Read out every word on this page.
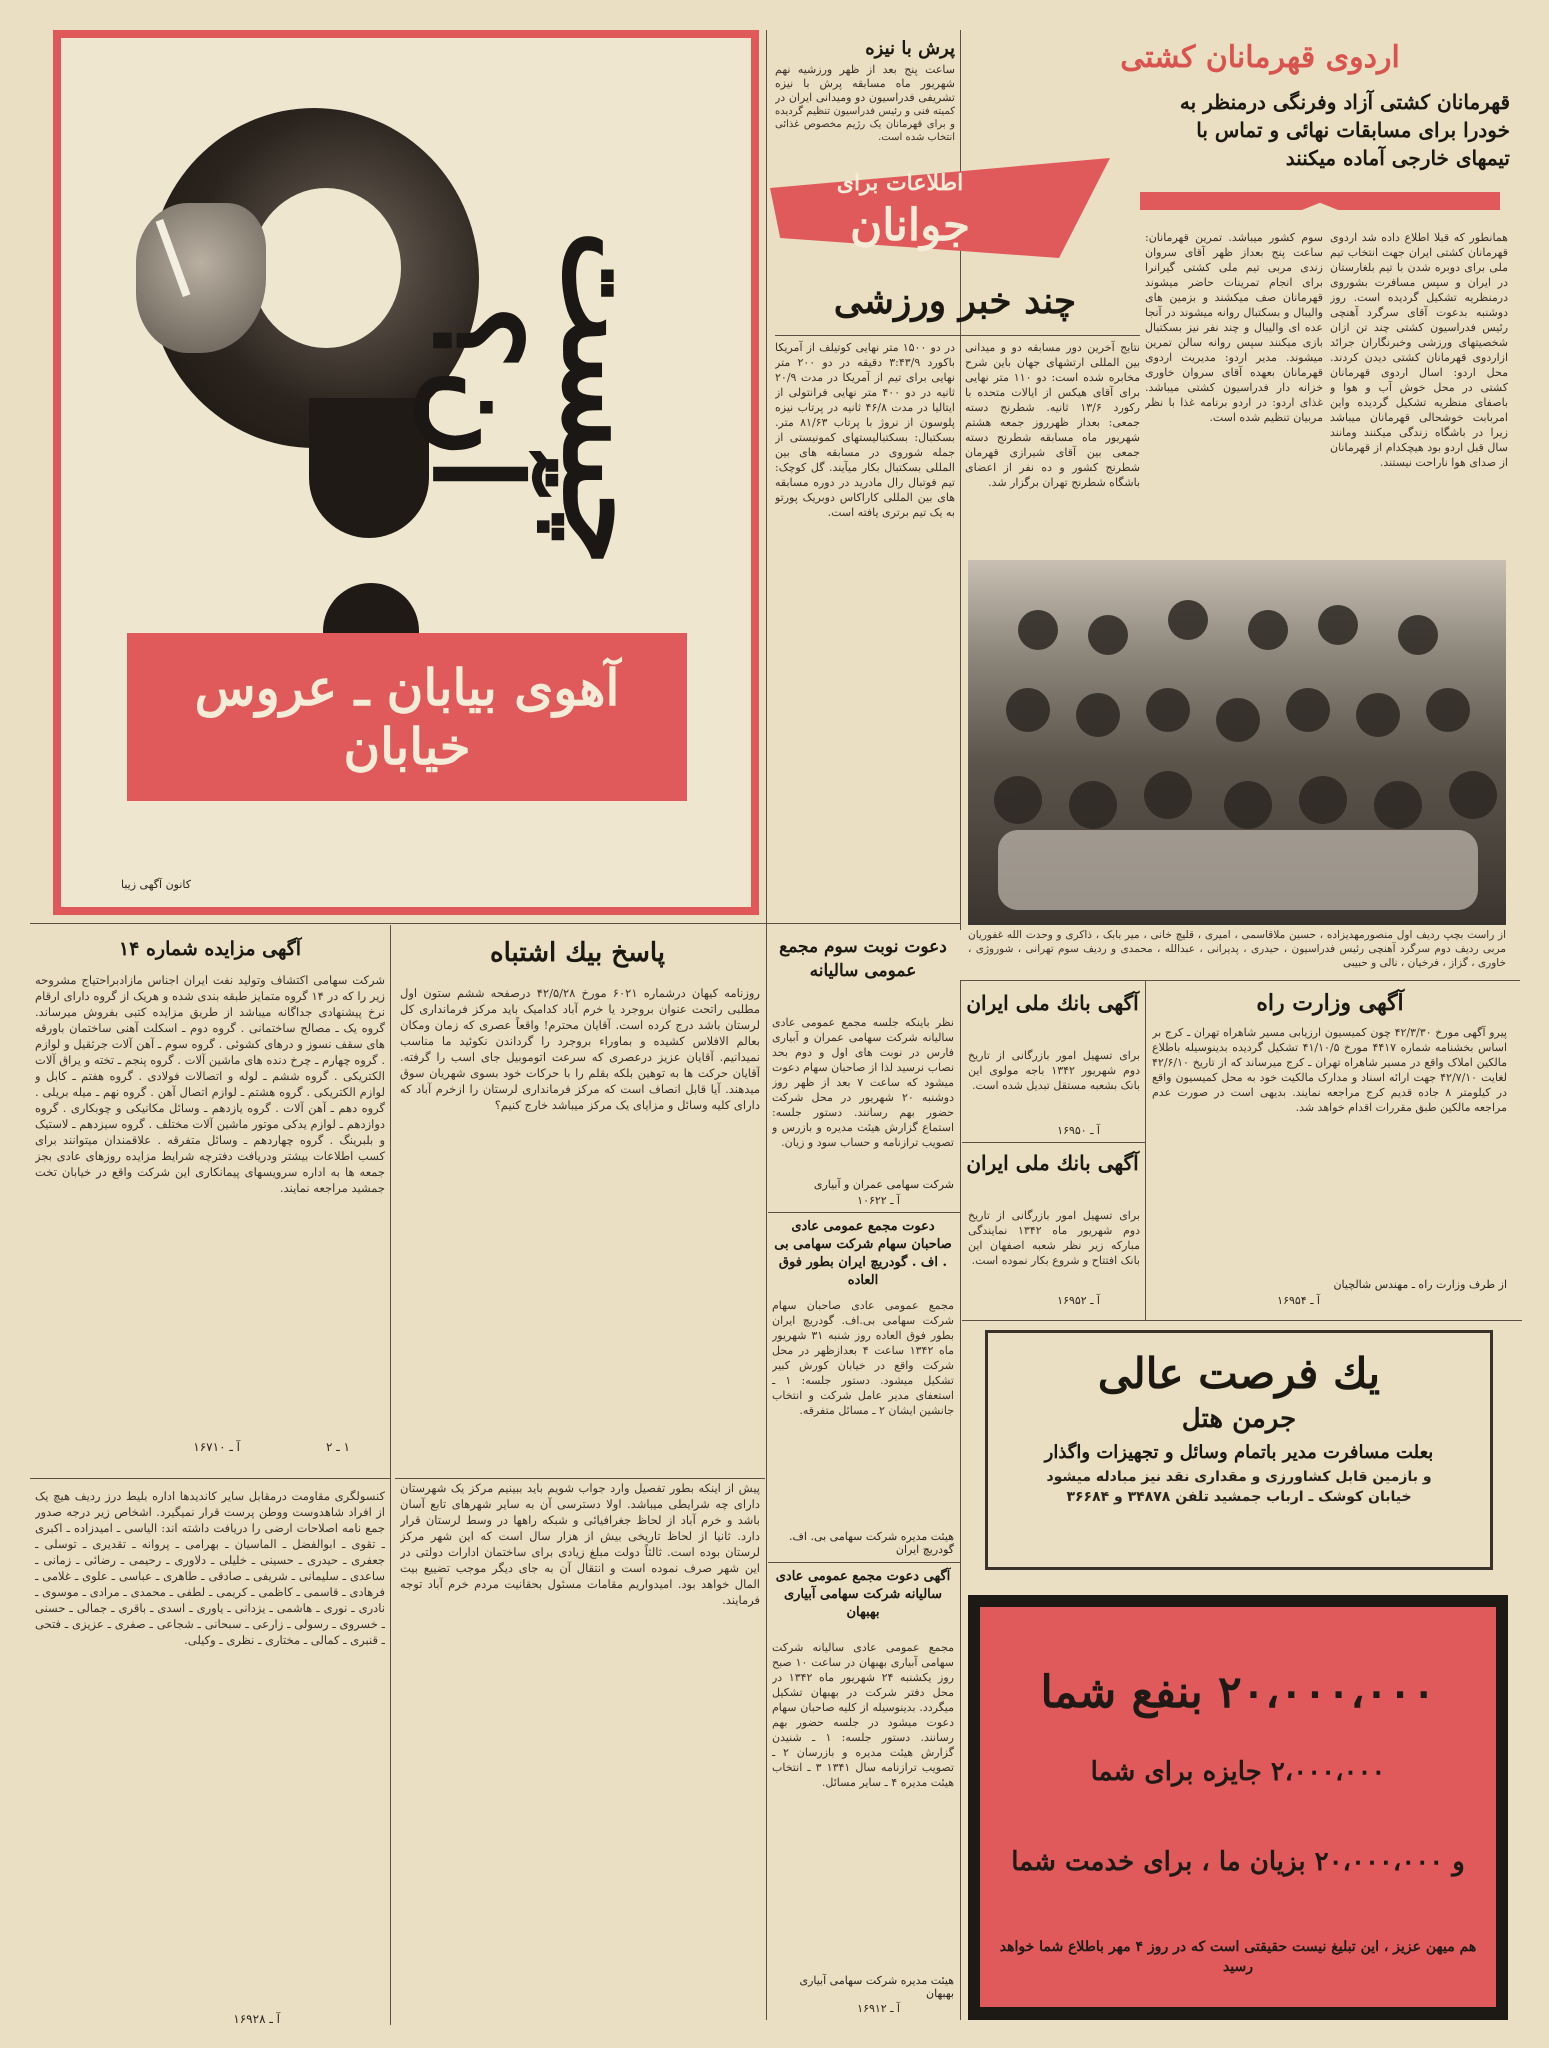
چیست آن؟
آهوی بیابان ـ عروس خیابان
کانون آگهی زیبا
پرش با نیزه
ساعت پنج بعد از ظهر ورزشیه نهم شهریور ماه مسابقه پرش با نیزه تشریفی فدراسیون دو ومیدانی ایران در
کمیته فنی و رئیس فدراسیون تنظیم گردیده و برای قهرمانان یک رژیم مخصوص غذائی انتخاب شده است.
اطلاعات برای
جوانان
اردوی قهرمانان کشتی
قهرمانان کشتی آزاد وفرنگی درمنظر به خودرا برای مسابقات نهائی و تماس با تیمهای خارجی آماده میکنند
همانطور که قبلا اطلاع داده شد اردوی قهرمانان کشتی ایران جهت انتخاب تیم ملی برای دوبره شدن با تیم بلغارستان در ایران و سپس مسافرت بشوروی درمنظریه تشکیل گردیده است. روز دوشنبه بدعوت آقای سرگرد آهنچی رئیس فدراسیون کشتی چند تن ازان شخصیتهای ورزشی وخبرنگاران جرائد ازاردوی قهرمانان کشتی دیدن کردند. محل اردو: اسال اردوی قهرمانان کشتی در محل خوش آب و هوا و باصفای منظریه تشکیل گردیده واین امربابت خوشحالی قهرمانان میباشد زیرا در باشگاه زندگی میکنند ومانند سال قبل اردو بود هیچکدام از قهرمانان از صدای هوا ناراحت نیستند.
سوم کشور میباشد. تمرین قهرمانان: ساعت پنج بعداز ظهر آقای سروان زندی مربی تیم ملی کشتی گیرانرا برای انجام تمرینات حاضر میشوند قهرمانان صف میکشند و بزمین های والیبال و بسکتبال روانه میشوند در آنجا عده ای والیبال و چند نفر نیز بسکتبال بازی میکنند سپس روانه سالن تمرین میشوند. مدیر اردو: مدیریت اردوی قهرمانان بعهده آقای سروان خاوری خزانه دار فدراسیون کشتی میباشد. غذای اردو: در اردو برنامه غذا با نظر مربیان تنظیم شده است.
چند خبر ورزشی
نتایج آخرین دور مسابقه دو و میدانی بین المللی ارتشهای جهان باین شرح مخابره شده است: دو ۱۱۰ متر نهایی برای آقای هیکس از ایالات متحده با رکورد ۱۳/۶ ثانیه. شطرنج دسته جمعی: بعداز ظهرروز جمعه هشتم شهریور ماه مسابقه شطرنج دسته جمعی بین آقای شیرازی قهرمان شطرنج کشور و ده نفر از اعضای باشگاه شطرنج تهران برگزار شد.
در دو ۱۵۰۰ متر نهایی کوتیلف از آمریکا باکورد ۳:۴۳/۹ دقیقه در دو ۲۰۰ متر نهایی برای تیم از آمریکا در مدت ۲۰/۹ ثانیه در دو ۴۰۰ متر نهایی فرانتولی از ایتالیا در مدت ۴۶/۸ ثانیه در پرتاب نیزه پلوسون از نروژ با پرتاب ۸۱/۶۳ متر. بسکتبال: بسکتبالیستهای کمونیستی از جمله شوروی در مسابقه های بین المللی بسکتبال بکار میآیند. گل کوچک: تیم فوتبال رال مادرید در دوره مسابقه های بین المللی کاراکاس دوبریک پورتو به یک تیم برتری یافته است.
از راست بچپ ردیف اول منصورمهدیزاده ، حسین ملاقاسمی ، امیری ، قلیچ خانی ، میر بابک ، ذاکری و وحدت الله غفوریان مربی ردیف دوم سرگرد آهنچی رئیس فدراسیون ، حیدری ، پدیرانی ، عبدالله ، محمدی و ردیف سوم تهرانی ، شوروژی ، خاوری ، گزاز ، فرخیان ، نالی و حبیبی
آگهی مزایده شماره ۱۴
شرکت سهامی اکتشاف وتولید نفت ایران اجناس مازادبراحتیاج مشروحه زیر را که در ۱۴ گروه متمایز طبقه بندی شده و هریک از گروه دارای ارقام نرخ پیشنهادی جداگانه میباشد از طریق مزایده کتبی بفروش میرساند. گروه یک ـ مصالح ساختمانی . گروه دوم ـ اسکلت آهنی ساختمان باورقه های سقف نسوز و درهای کشوئی . گروه سوم ـ آهن آلات جرثقیل و لوازم . گروه چهارم ـ چرخ دنده های ماشین آلات . گروه پنجم ـ تخته و یراق آلات الکتریکی . گروه ششم ـ لوله و اتصالات فولادی . گروه هفتم ـ کابل و لوازم الکتریکی . گروه هشتم ـ لوازم اتصال آهن . گروه نهم ـ میله بریلی . گروه دهم ـ آهن آلات . گروه یازدهم ـ وسائل مکانیکی و چوبکاری . گروه دوازدهم ـ لوازم یدکی موتور ماشین آلات مختلف . گروه سیزدهم ـ لاستیک و بلبرینگ . گروه چهاردهم ـ وسائل متفرقه . علاقمندان میتوانند برای کسب اطلاعات بیشتر ودریافت دفترچه شرایط مزایده روزهای عادی بجز جمعه ها به اداره سرویسهای پیمانکاری این شرکت واقع در خیابان تخت جمشید مراجعه نمایند.
آ ـ ۱۶۷۱۰	۱ ـ ۲
کنسولگری مقاومت درمقابل سایر کاندیدها اداره بلیط درز ردیف هیچ یک از افراد شاهدوست ووطن پرست قرار نمیگیرد. اشخاص زیر درجه صدور جمع نامه اصلاحات ارضی را دریافت داشته اند: الیاسی ـ امیدزاده ـ اکبری ـ تقوی ـ ابوالفضل ـ الماسیان ـ بهرامی ـ پروانه ـ تقدیری ـ توسلی ـ جعفری ـ حیدری ـ حسینی ـ خلیلی ـ دلاوری ـ رحیمی ـ رضائی ـ زمانی ـ ساعدی ـ سلیمانی ـ شریفی ـ صادقی ـ طاهری ـ عباسی ـ علوی ـ غلامی ـ فرهادی ـ قاسمی ـ کاظمی ـ کریمی ـ لطفی ـ محمدی ـ مرادی ـ موسوی ـ نادری ـ نوری ـ هاشمی ـ یزدانی ـ یاوری ـ اسدی ـ باقری ـ جمالی ـ حسنی ـ خسروی ـ رسولی ـ زارعی ـ سبحانی ـ شجاعی ـ صفری ـ عزیزی ـ فتحی ـ قنبری ـ کمالی ـ مختاری ـ نظری ـ وکیلی.
آ ـ ۱۶۹۲۸
پاسخ بیك اشتباه
روزنامه کیهان درشماره ۶۰۲۱ مورخ ۴۲/۵/۲۸ درصفحه ششم ستون اول مطلبی راتحت عنوان بروجرد یا خرم آباد کدامیک باید مرکز فرمانداری کل لرستان باشد درج کرده است. آقایان محترم! واقعاً عصری که زمان ومکان بعالم الافلاس کشیده و بماوراء بروجرد را گرداندن نکوئید ما مناسب نمیدانیم. آقایان عزیز درعصری که سرعت اتوموبیل جای اسب را گرفته. آقایان حرکت ها به توهین بلکه بقلم را با حرکات خود بسوی شهریان سوق میدهند. آیا قابل انصاف است که مرکز فرمانداری لرستان را ازخرم آباد که دارای کلیه وسائل و مزایای یک مرکز میباشد خارج کنیم؟
پیش از اینکه بطور تفصیل وارد جواب شویم باید ببینیم مرکز یک شهرستان دارای چه شرایطی میباشد. اولا دسترسی آن به سایر شهرهای تابع آسان باشد و خرم آباد از لحاظ جغرافیائی و شبکه راهها در وسط لرستان قرار دارد. ثانیا از لحاظ تاریخی بیش از هزار سال است که این شهر مرکز لرستان بوده است. ثالثاً دولت مبلغ زیادی برای ساختمان ادارات دولتی در این شهر صرف نموده است و انتقال آن به جای دیگر موجب تضییع بیت المال خواهد بود. امیدواریم مقامات مسئول بحقانیت مردم خرم آباد توجه فرمایند.
دعوت نوبت سوم مجمع عمومی سالیانه
نظر باینکه جلسه مجمع عمومی عادی سالیانه شرکت سهامی عمران و آبیاری فارس در نوبت های اول و دوم بحد نصاب نرسید لذا از صاحبان سهام دعوت میشود که ساعت ۷ بعد از ظهر روز دوشنبه ۲۰ شهریور در محل شرکت حضور بهم رسانند. دستور جلسه: استماع گزارش هیئت مدیره و بازرس و تصویب ترازنامه و حساب سود و زیان.
شرکت سهامی عمران و آبیاری
آ ـ ۱۰۶۲۲
دعوت مجمع عمومی عادی صاحبان سهام شرکت سهامی بی . اف . گودریچ ایران بطور فوق العاده
مجمع عمومی عادی صاحبان سهام شرکت سهامی بی.اف. گودریچ ایران بطور فوق العاده روز شنبه ۳۱ شهریور ماه ۱۳۴۲ ساعت ۴ بعدازظهر در محل شرکت واقع در خیابان کورش کبیر تشکیل میشود. دستور جلسه: ۱ ـ استعفای مدیر عامل شرکت و انتخاب جانشین ایشان ۲ ـ مسائل متفرقه.
هیئت مدیره شرکت سهامی بی. اف. گودریچ ایران
آگهی دعوت مجمع عمومی عادی سالیانه شرکت سهامی آبیاری بهبهان
مجمع عمومی عادی سالیانه شرکت سهامی آبیاری بهبهان در ساعت ۱۰ صبح روز یکشنبه ۲۴ شهریور ماه ۱۳۴۲ در محل دفتر شرکت در بهبهان تشکیل میگردد. بدینوسیله از کلیه صاحبان سهام دعوت میشود در جلسه حضور بهم رسانند. دستور جلسه: ۱ ـ شنیدن گزارش هیئت مدیره و بازرسان ۲ ـ تصویب ترازنامه سال ۱۳۴۱ ۳ ـ انتخاب هیئت مدیره ۴ ـ سایر مسائل.
هیئت مدیره شرکت سهامی آبیاری بهبهان
آ ـ ۱۶۹۱۲
آگهی بانك ملی ایران
برای تسهیل امور بازرگانی از تاریخ دوم شهریور ۱۳۴۲ باجه مولوی این بانک بشعبه مستقل تبدیل شده است.
آ ـ ۱۶۹۵۰
آگهی بانك ملی ایران
برای تسهیل امور بازرگانی از تاریخ دوم شهریور ماه ۱۳۴۲ نمایندگی مبارکه زیر نظر شعبه اصفهان این بانک افتتاح و شروع بکار نموده است.
آ ـ ۱۶۹۵۲
آگهی وزارت راه
پیرو آگهی مورخ ۴۲/۳/۳۰ چون کمیسیون ارزیابی مسیر شاهراه تهران ـ کرج بر اساس بخشنامه شماره ۴۴۱۷ مورخ ۴۱/۱۰/۵ تشکیل گردیده بدینوسیله باطلاع مالکین املاک واقع در مسیر شاهراه تهران ـ کرج میرساند که از تاریخ ۴۲/۶/۱۰ لغایت ۴۲/۷/۱۰ جهت ارائه اسناد و مدارک مالکیت خود به محل کمیسیون واقع در کیلومتر ۸ جاده قدیم کرج مراجعه نمایند. بدیهی است در صورت عدم مراجعه مالکین طبق مقررات اقدام خواهد شد.
از طرف وزارت راه ـ مهندس شالچیان
آ ـ ۱۶۹۵۴
یك فرصت عالی
جرمن هتل
بعلت مسافرت مدیر باتمام وسائل و تجهیزات واگذار
و بازمین قابل کشاورزی و مقداری نقد نیز مبادله میشود
خیابان کوشک ـ ارباب جمشید تلفن ۳۴۸۷۸ و ۳۶۶۸۴
۲۰،۰۰۰،۰۰۰ بنفع شما
۲،۰۰۰،۰۰۰ جایزه برای شما
و ۲۰،۰۰۰،۰۰۰ بزیان ما ، برای خدمت شما
هم میهن عزیز ، این تبلیغ نیست حقیقتی است که در روز ۴ مهر باطلاع شما خواهد رسید
